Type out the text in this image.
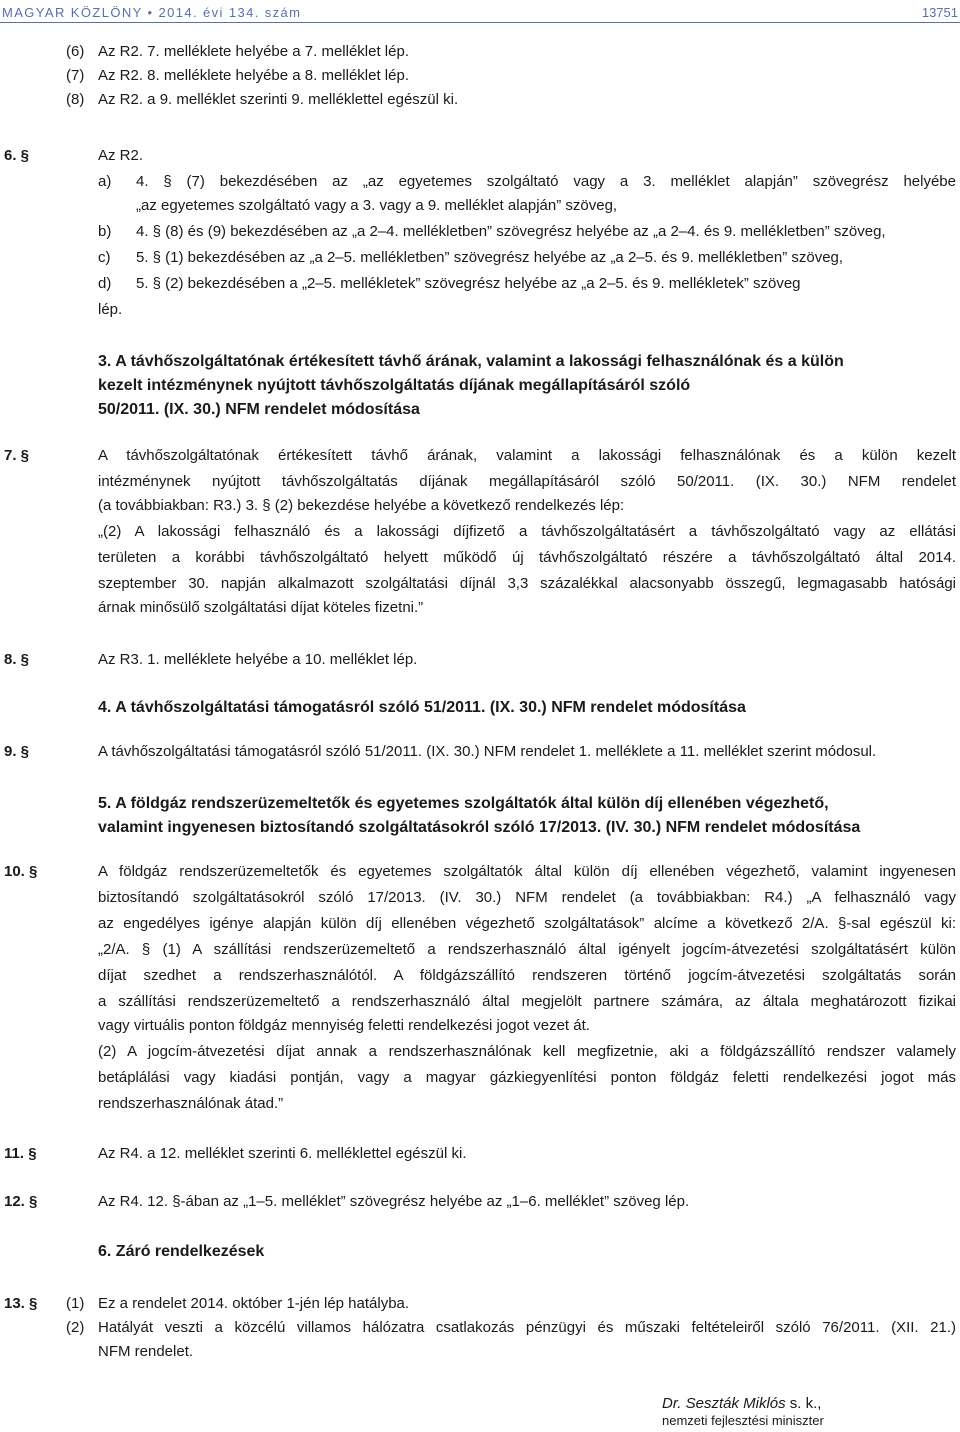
MAGYAR KÖZLÖNY • 2014. évi 134. szám	13751
(6) Az R2. 7. melléklete helyébe a 7. melléklet lép.
(7) Az R2. 8. melléklete helyébe a 8. melléklet lép.
(8) Az R2. a 9. melléklet szerinti 9. melléklettel egészül ki.
6. §	Az R2.
a) 4. § (7) bekezdésében az „az egyetemes szolgáltató vagy a 3. melléklet alapján” szövegrész helyébe
„az egyetemes szolgáltató vagy a 3. vagy a 9. melléklet alapján” szöveg,
b) 4. § (8) és (9) bekezdésében az „a 2–4. mellékletben” szövegrész helyébe az „a 2–4. és 9. mellékletben” szöveg,
c) 5. § (1) bekezdésében az „a 2–5. mellékletben” szövegrész helyébe az „a 2–5. és 9. mellékletben” szöveg,
d) 5. § (2) bekezdésében a „2–5. mellékletek” szövegrész helyébe az „a 2–5. és 9. mellékletek” szöveg
lép.
3. A távhőszolgáltatónak értékesített távhő árának, valamint a lakossági felhasználónak és a külön
kezelt intézménynek nyújtott távhőszolgáltatás díjának megállapításáról szóló
50/2011. (IX. 30.) NFM rendelet módosítása
7. §	A távhőszolgáltatónak értékesített távhő árának, valamint a lakossági felhasználónak és a külön kezelt
intézménynek nyújtott távhőszolgáltatás díjának megállapításáról szóló 50/2011. (IX. 30.) NFM rendelet
(a továbbiakban: R3.) 3. § (2) bekezdése helyébe a következő rendelkezés lép:
„(2) A lakossági felhasználó és a lakossági díjfizető a távhőszolgáltatásért a távhőszolgáltató vagy az ellátási
területen a korábbi távhőszolgáltató helyett működő új távhőszolgáltató részére a távhőszolgáltató által 2014.
szeptember 30. napján alkalmazott szolgáltatási díjnál 3,3 százalékkal alacsonyabb összegű, legmagasabb hatósági
árnak minősülő szolgáltatási díjat köteles fizetni.”
8. §	Az R3. 1. melléklete helyébe a 10. melléklet lép.
4. A távhőszolgáltatási támogatásról szóló 51/2011. (IX. 30.) NFM rendelet módosítása
9. §	A távhőszolgáltatási támogatásról szóló 51/2011. (IX. 30.) NFM rendelet 1. melléklete a 11. melléklet szerint módosul.
5. A földgáz rendszerüzemeltetők és egyetemes szolgáltatók által külön díj ellenében végezhető,
valamint ingyenesen biztosítandó szolgáltatásokról szóló 17/2013. (IV. 30.) NFM rendelet módosítása
10. §	A földgáz rendszerüzemeltetők és egyetemes szolgáltatók által külön díj ellenében végezhető, valamint ingyenesen
biztosítandó szolgáltatásokról szóló 17/2013. (IV. 30.) NFM rendelet (a továbbiakban: R4.) „A felhasználó vagy
az engedélyes igénye alapján külön díj ellenében végezhető szolgáltatások” alcíme a következő 2/A. §-sal egészül ki:
„2/A. § (1) A szállítási rendszerüzemeltető a rendszerhasználó által igényelt jogcím-átvezetési szolgáltatásért külön
díjat szedhet a rendszerhasználótól. A földgázszállító rendszeren történő jogcím-átvezetési szolgáltatás során
a szállítási rendszerüzemeltető a rendszerhasználó által megjelölt partnere számára, az általa meghatározott fizikai
vagy virtuális ponton földgáz mennyiség feletti rendelkezési jogot vezet át.
(2) A jogcím-átvezetési díjat annak a rendszerhasználónak kell megfizetnie, aki a földgázszállító rendszer valamely
betáplálási vagy kiadási pontján, vagy a magyar gázkiegyenlítési ponton földgáz feletti rendelkezési jogot más
rendszerhasználónak átad.”
11. §	Az R4. a 12. melléklet szerinti 6. melléklettel egészül ki.
12. §	Az R4. 12. §-ában az „1–5. melléklet” szövegrész helyébe az „1–6. melléklet” szöveg lép.
6. Záró rendelkezések
13. § (1) Ez a rendelet 2014. október 1-jén lép hatályba.
(2) Hatályát veszti a közcélú villamos hálózatra csatlakozás pénzügyi és műszaki feltételeiről szóló 76/2011. (XII. 21.)
NFM rendelet.
Dr. Seszták Miklós s. k.,
nemzeti fejlesztési miniszter
